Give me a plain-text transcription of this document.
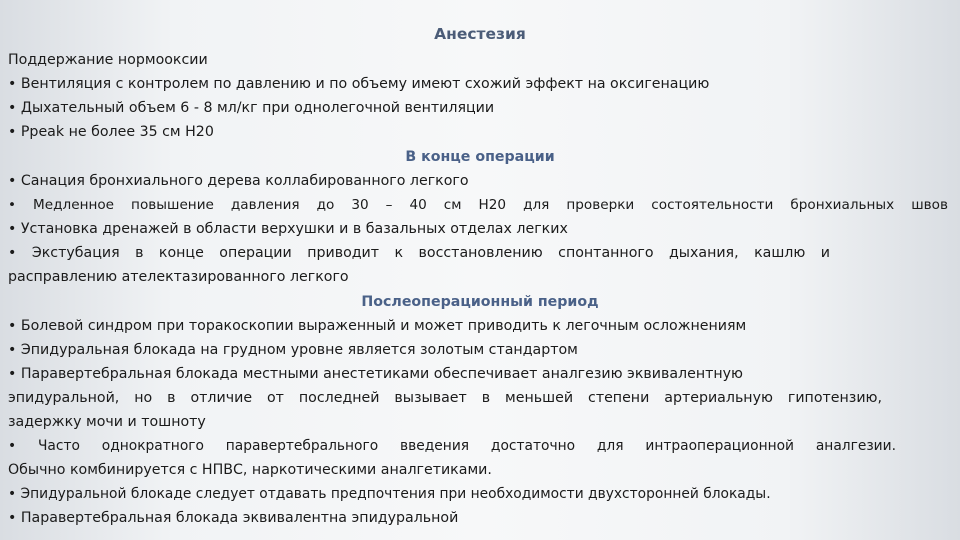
Анестезия
Поддержание нормооксии
• Вентиляция с контролем по давлению и по объему имеют схожий эффект на оксигенацию
• Дыхательный объем 6 - 8 мл/кг при однолегочной вентиляции
• Ppeak не более 35 см Н20
В конце операции
• Санация бронхиального дерева коллабированного легкого
• Медленное повышение давления до 30 – 40 см Н20 для проверки состоятельности бронхиальных швов
• Установка дренажей в области верхушки и в базальных отделах легких
• Экстубация в конце операции приводит к восстановлению спонтанного дыхания, кашлю и
расправлению ателектазированного легкого
Послеоперационный период
• Болевой синдром при торакоскопии выраженный и может приводить к легочным осложнениям
• Эпидуральная блокада на грудном уровне является золотым стандартом
• Паравертебральная блокада местными анестетиками обеспечивает аналгезию эквивалентную
эпидуральной, но в отличие от последней вызывает в меньшей степени артериальную гипотензию,
задержку мочи и тошноту
• Часто однократного паравертебрального введения достаточно для интраоперационной аналгезии.
Обычно комбинируется с НПВС, наркотическими аналгетиками.
• Эпидуральной блокаде следует отдавать предпочтения при необходимости двухсторонней блокады.
• Паравертебральная блокада эквивалентна эпидуральной
